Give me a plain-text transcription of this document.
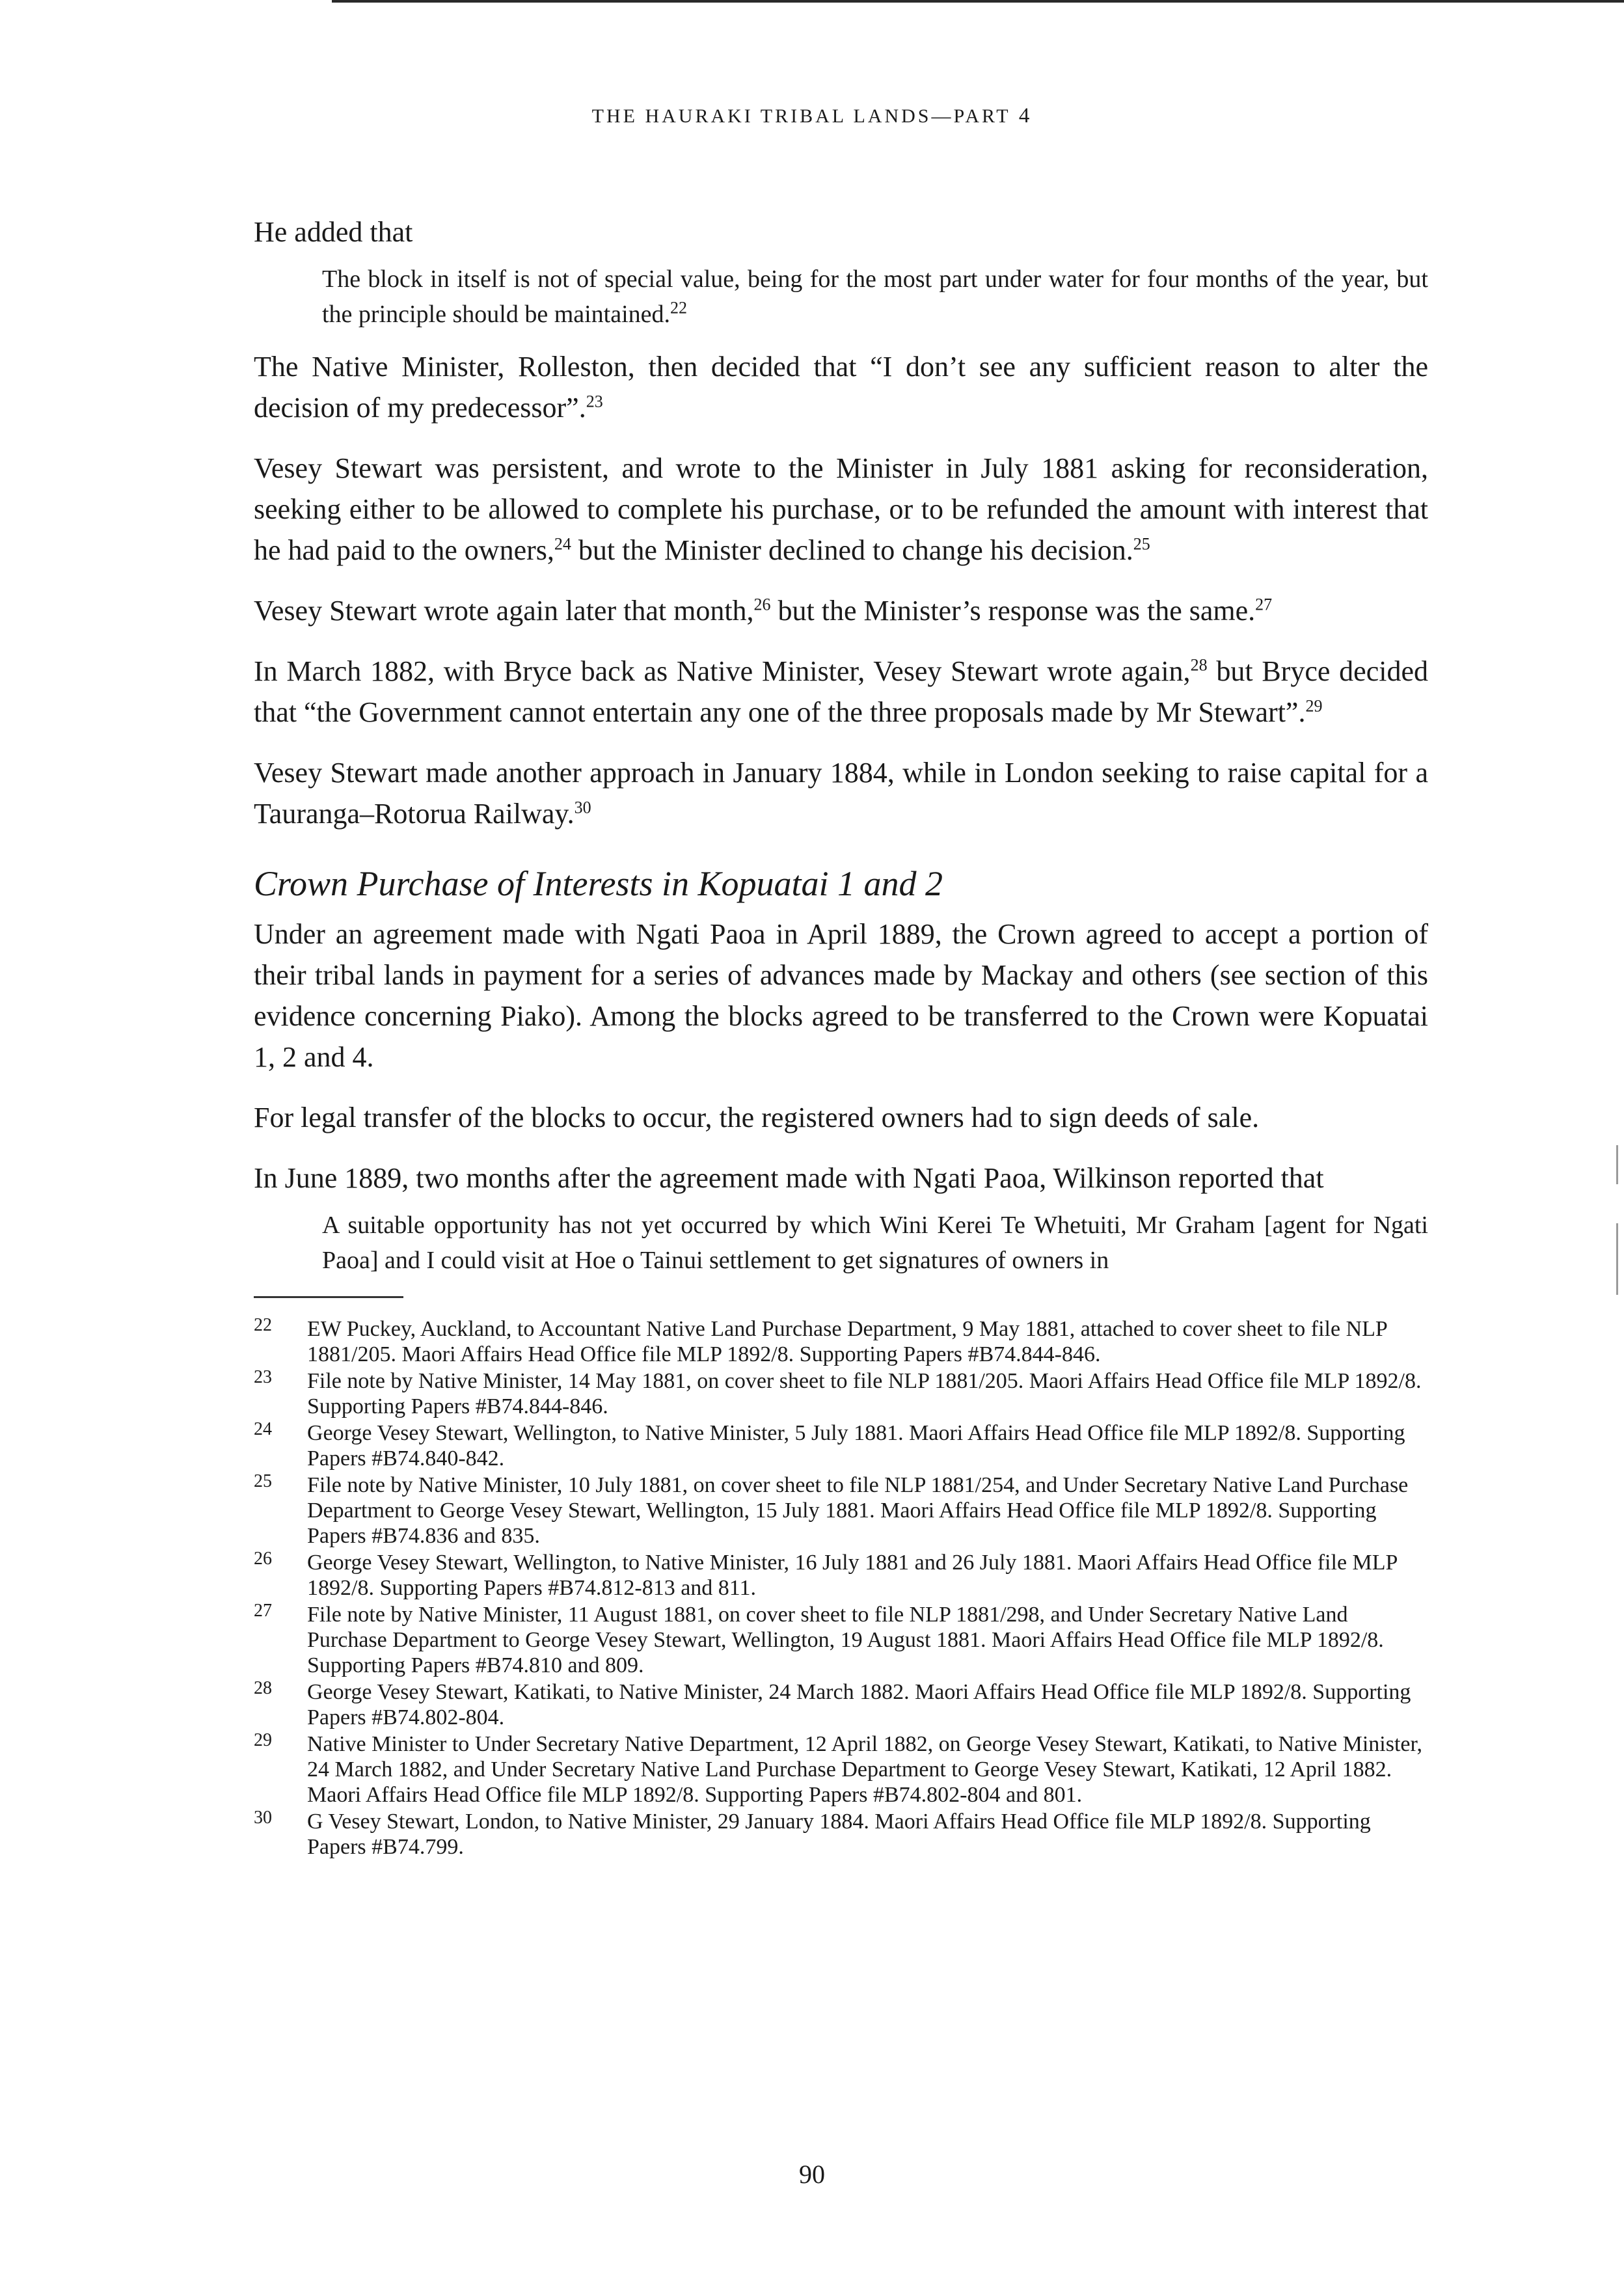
THE HAURAKI TRIBAL LANDS—PART 4

He added that

The block in itself is not of special value, being for the most part under water for four months of the year, but the principle should be maintained.$^{22}$

The Native Minister, Rolleston, then decided that “I don’t see any sufficient reason to alter the decision of my predecessor”.$^{23}$

Vesey Stewart was persistent, and wrote to the Minister in July 1881 asking for reconsideration, seeking either to be allowed to complete his purchase, or to be refunded the amount with interest that he had paid to the owners,$^{24}$ but the Minister declined to change his decision.$^{25}$

Vesey Stewart wrote again later that month,$^{26}$ but the Minister’s response was the same.$^{27}$

In March 1882, with Bryce back as Native Minister, Vesey Stewart wrote again,$^{28}$ but Bryce decided that “the Government cannot entertain any one of the three proposals made by Mr Stewart”.$^{29}$

Vesey Stewart made another approach in January 1884, while in London seeking to raise capital for a Tauranga–Rotorua Railway.$^{30}$

Crown Purchase of Interests in Kopuatai 1 and 2

Under an agreement made with Ngati Paoa in April 1889, the Crown agreed to accept a portion of their tribal lands in payment for a series of advances made by Mackay and others (see section of this evidence concerning Piako). Among the blocks agreed to be transferred to the Crown were Kopuatai 1, 2 and 4.

For legal transfer of the blocks to occur, the registered owners had to sign deeds of sale.

In June 1889, two months after the agreement made with Ngati Paoa, Wilkinson reported that

A suitable opportunity has not yet occurred by which Wini Kerei Te Whetuiti, Mr Graham [agent for Ngati Paoa] and I could visit at Hoe o Tainui settlement to get signatures of owners in

22	EW Puckey, Auckland, to Accountant Native Land Purchase Department, 9 May 1881, attached to cover sheet to file NLP 1881/205. Maori Affairs Head Office file MLP 1892/8. Supporting Papers #B74.844-846.
23	File note by Native Minister, 14 May 1881, on cover sheet to file NLP 1881/205. Maori Affairs Head Office file MLP 1892/8. Supporting Papers #B74.844-846.
24	George Vesey Stewart, Wellington, to Native Minister, 5 July 1881. Maori Affairs Head Office file MLP 1892/8. Supporting Papers #B74.840-842.
25	File note by Native Minister, 10 July 1881, on cover sheet to file NLP 1881/254, and Under Secretary Native Land Purchase Department to George Vesey Stewart, Wellington, 15 July 1881. Maori Affairs Head Office file MLP 1892/8. Supporting Papers #B74.836 and 835.
26	George Vesey Stewart, Wellington, to Native Minister, 16 July 1881 and 26 July 1881. Maori Affairs Head Office file MLP 1892/8. Supporting Papers #B74.812-813 and 811.
27	File note by Native Minister, 11 August 1881, on cover sheet to file NLP 1881/298, and Under Secretary Native Land Purchase Department to George Vesey Stewart, Wellington, 19 August 1881. Maori Affairs Head Office file MLP 1892/8. Supporting Papers #B74.810 and 809.
28	George Vesey Stewart, Katikati, to Native Minister, 24 March 1882. Maori Affairs Head Office file MLP 1892/8. Supporting Papers #B74.802-804.
29	Native Minister to Under Secretary Native Department, 12 April 1882, on George Vesey Stewart, Katikati, to Native Minister, 24 March 1882, and Under Secretary Native Land Purchase Department to George Vesey Stewart, Katikati, 12 April 1882. Maori Affairs Head Office file MLP 1892/8. Supporting Papers #B74.802-804 and 801.
30	G Vesey Stewart, London, to Native Minister, 29 January 1884. Maori Affairs Head Office file MLP 1892/8. Supporting Papers #B74.799.
90
